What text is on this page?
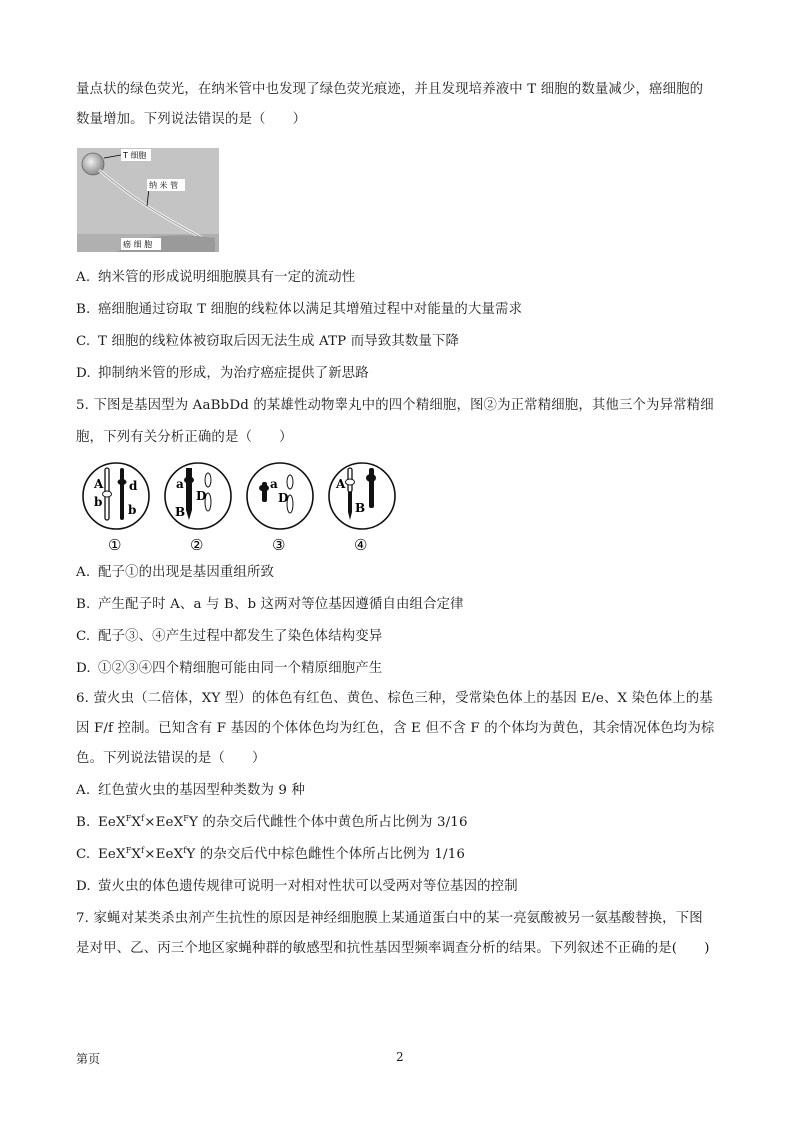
量点状的绿色荧光，在纳米管中也发现了绿色荧光痕迹，并且发现培养液中 T 细胞的数量减少，癌细胞的
数量增加。下列说法错误的是（　　）
T 细胞
纳 米 管
癌 细 胞
A. 纳米管的形成说明细胞膜具有一定的流动性
B. 癌细胞通过窃取 T 细胞的线粒体以满足其增殖过程中对能量的大量需求
C. T 细胞的线粒体被窃取后因无法生成 ATP 而导致其数量下降
D. 抑制纳米管的形成，为治疗癌症提供了新思路
5. 下图是基因型为 AaBbDd 的某雄性动物睾丸中的四个精细胞，图②为正常精细胞，其他三个为异常精细
胞，下列有关分析正确的是（　　）
A
b
d
b
①
a
B
D
②
a
D
③
A
B
④
A. 配子①的出现是基因重组所致
B. 产生配子时 A、a 与 B、b 这两对等位基因遵循自由组合定律
C. 配子③、④产生过程中都发生了染色体结构变异
D. ①②③④四个精细胞可能由同一个精原细胞产生
6. 萤火虫（二倍体，XY 型）的体色有红色、黄色、棕色三种，受常染色体上的基因 E/e、X 染色体上的基
因 F/f 控制。已知含有 F 基因的个体体色均为红色，含 E 但不含 F 的个体均为黄色，其余情况体色均为棕
色。下列说法错误的是（　　）
A. 红色萤火虫的基因型种类数为 9 种
B. $EeX^FX^f\times EeX^FY$ 的杂交后代雌性个体中黄色所占比例为 3/16
C. $EeX^FX^f\times EeX^fY$ 的杂交后代中棕色雌性个体所占比例为 1/16
D. 萤火虫的体色遗传规律可说明一对相对性状可以受两对等位基因的控制
7. 家蝇对某类杀虫剂产生抗性的原因是神经细胞膜上某通道蛋白中的某一亮氨酸被另一氨基酸替换，下图
是对甲、乙、丙三个地区家蝇种群的敏感型和抗性基因型频率调查分析的结果。下列叙述不正确的是(　　)
第页	2
